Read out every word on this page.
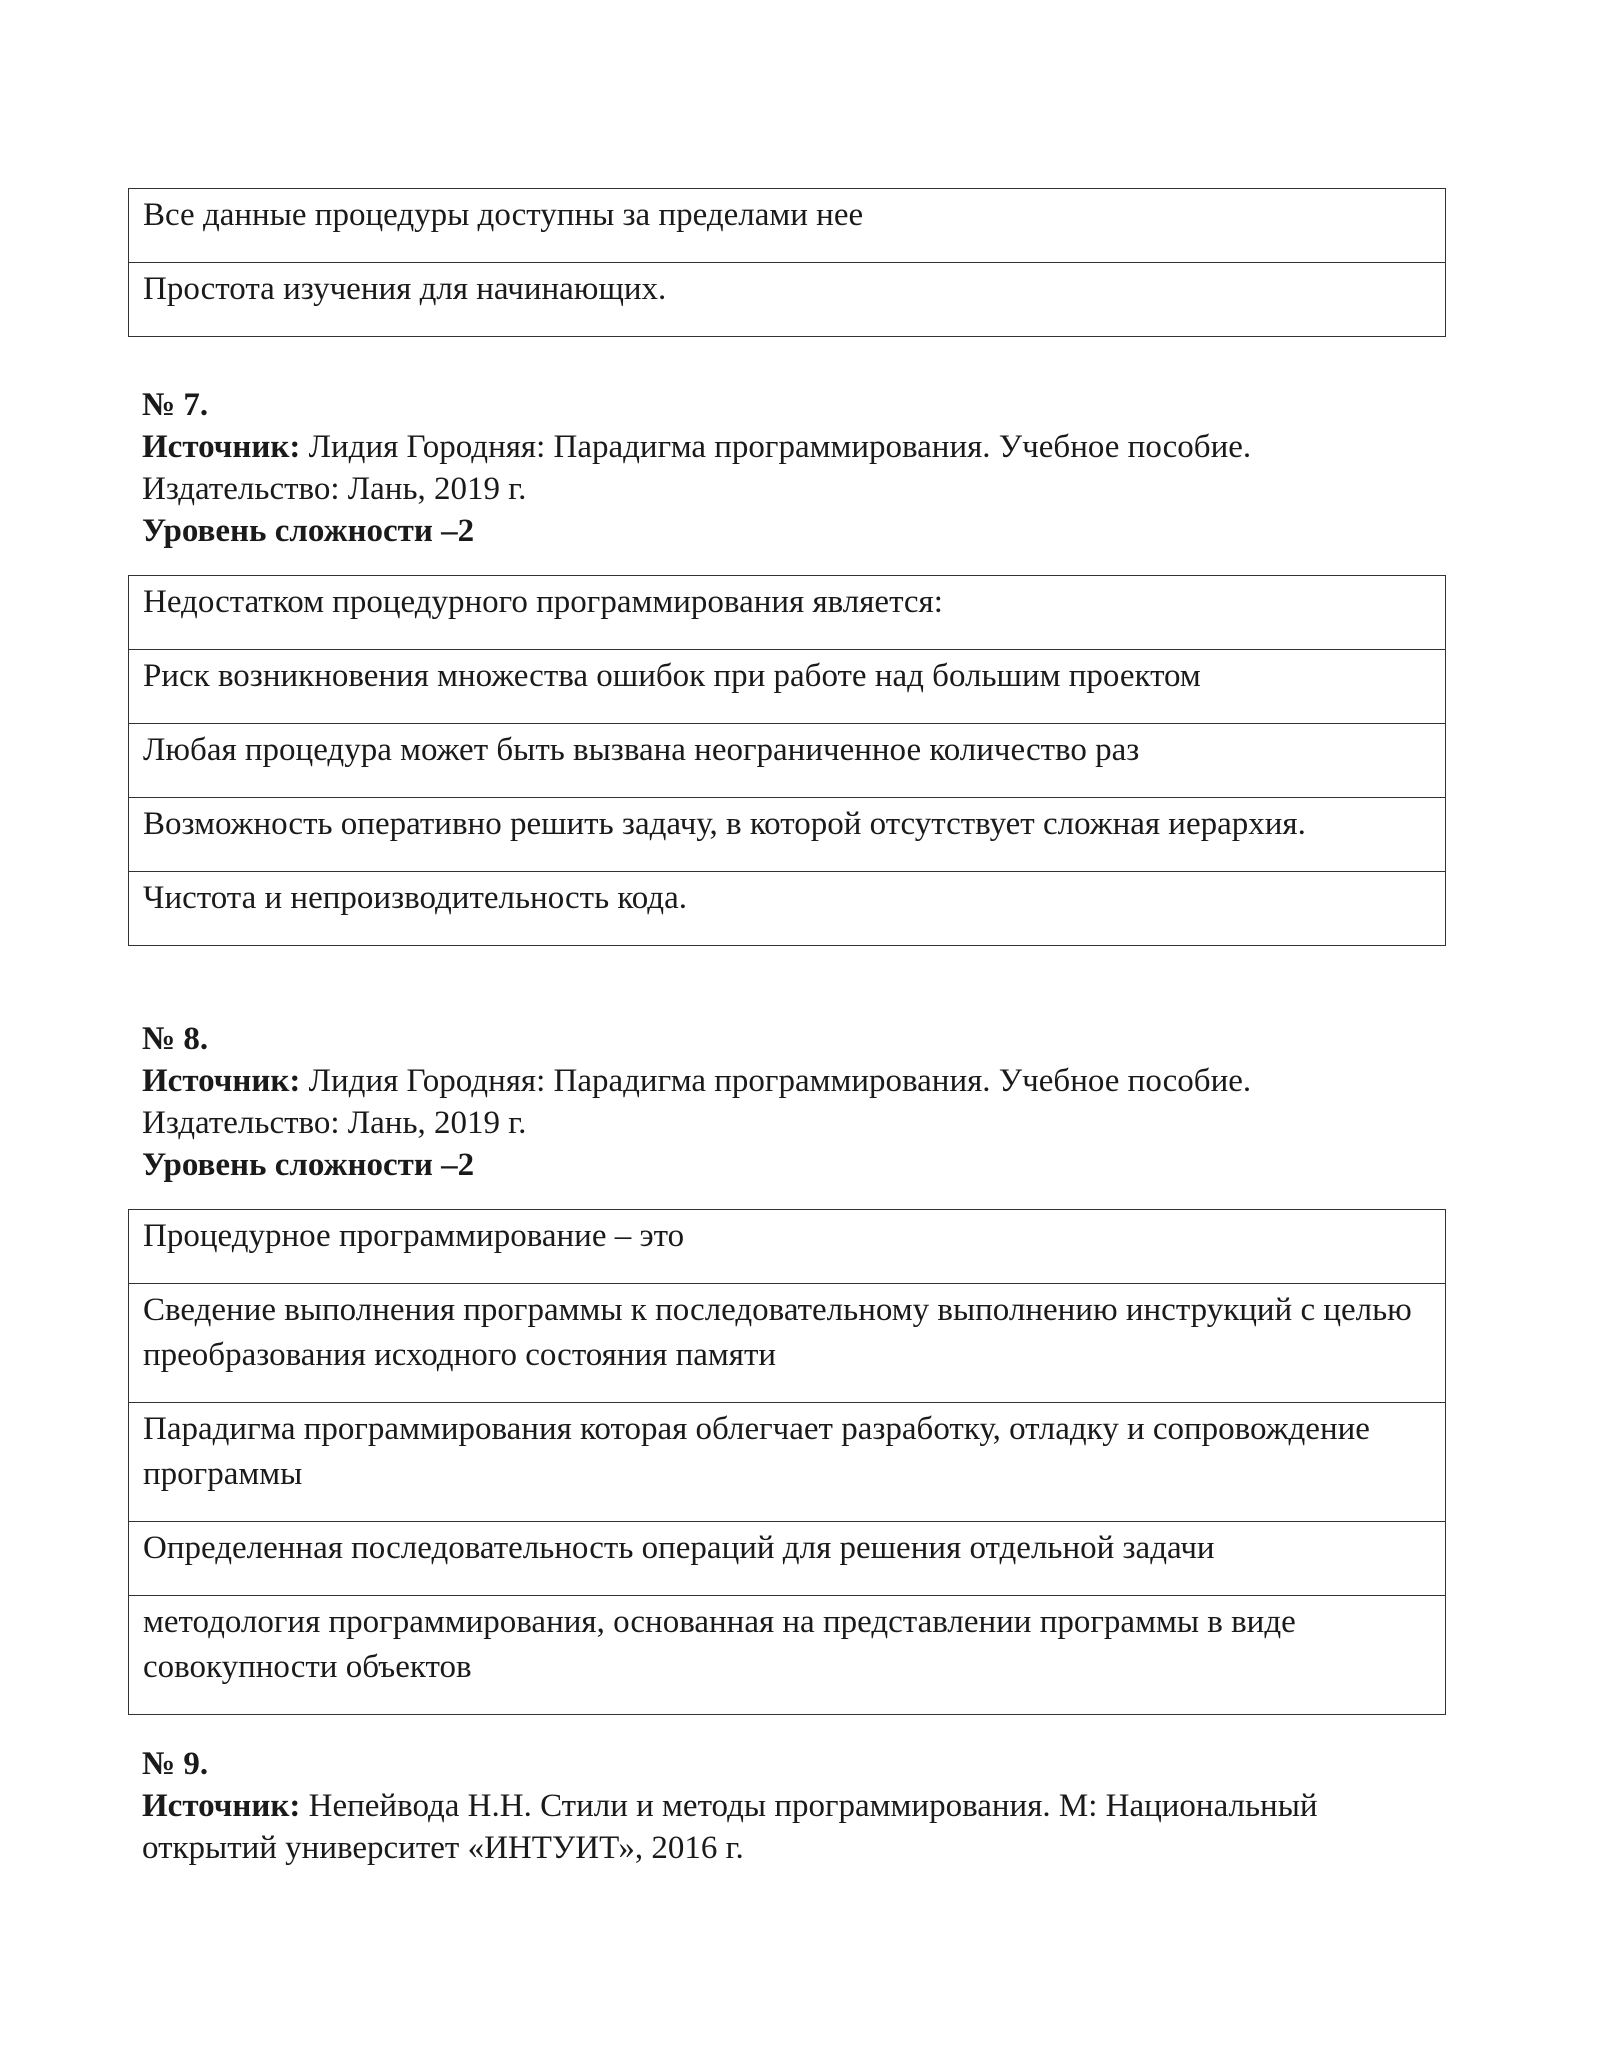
Все данные процедуры доступны за пределами нее
Простота изучения для начинающих.
№ 7.
Источник: Лидия Городняя: Парадигма программирования. Учебное пособие.
Издательство: Лань, 2019 г.
Уровень сложности –2
Недостатком процедурного программирования является:
Риск возникновения множества ошибок при работе над большим проектом
Любая процедура может быть вызвана неограниченное количество раз
Возможность оперативно решить задачу, в которой отсутствует сложная иерархия.
Чистота и непроизводительность кода.
№ 8.
Источник: Лидия Городняя: Парадигма программирования. Учебное пособие.
Издательство: Лань, 2019 г.
Уровень сложности –2
Процедурное программирование – это
Сведение выполнения программы к последовательному выполнению инструкций с целью преобразования исходного состояния памяти
Парадигма программирования которая облегчает разработку, отладку и сопровождение программы
Определенная последовательность операций для решения отдельной задачи
методология программирования, основанная на представлении программы в виде совокупности объектов
№ 9.
Источник: Непейвода Н.Н. Стили и методы программирования. М: Национальный
открытий университет «ИНТУИТ», 2016 г.
